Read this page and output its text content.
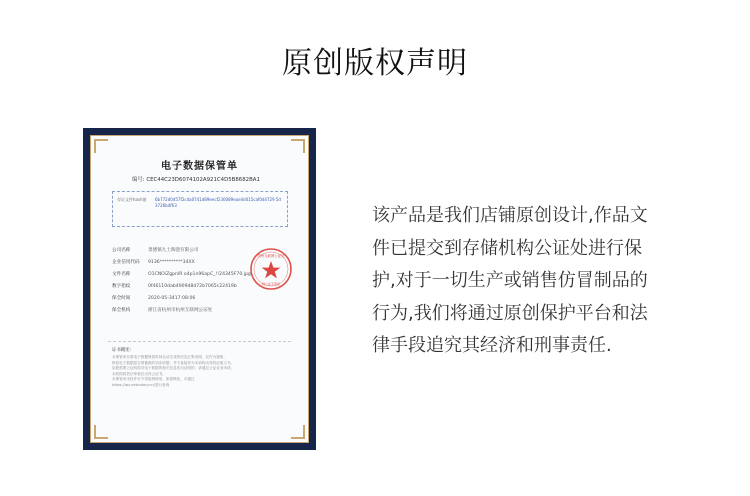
原创版权声明
电子数据保管单
编号: CEC44C23D6074102A921C4D5B8682BA1
存证文件hash值 6b772d0457f2c4a0741d89eecf230089eae4d415caf0d4729 5d3726b4f63
公司名称	景德镇九土陶瓷有限公司
企业信用代码 9136**********34XX
文件名称	O1CNOiZgpnlR o4p1n96apC_!!24345F70.jpg
数字指纹	0f46110dab4909d8d72b7065c22419b
保全时间	2020-05-3417:08:06
保全机构	浙江省杭州市杭州互联网公证处
杭州互联网公证处
网公证专用章
证书概述:
本保管单仅系电子数据保管时间自动生成的信息汇集说明，仅作为提取、
核验电子数据是否被篡改的初步依据，并不直接作为本机构出具的证明文书。
如您需要公证机构对电子数据的相关信息作出证明的，请通过公证业务申请，
本机构将依法审查后出具公证书。
本保管单未经许可不得复制使用，如需核验，可通过
https://ipv.netnotary.cn/进行查询
该产品是我们店铺原创设计,作品文
件已提交到存储机构公证处进行保
护,对于一切生产或销售仿冒制品的
行为,我们将通过原创保护平台和法
律手段追究其经济和刑事责任.
